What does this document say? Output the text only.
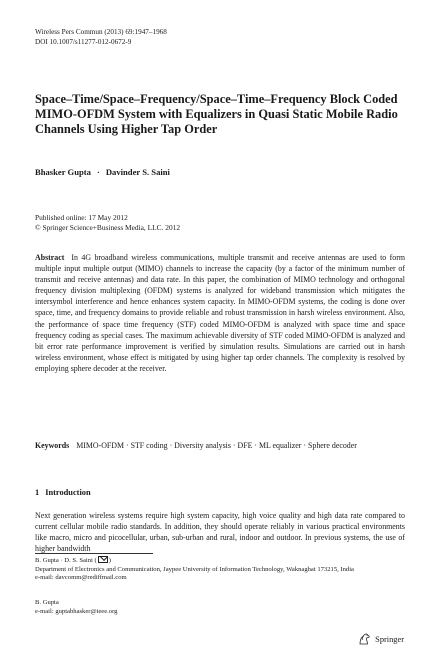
Wireless Pers Commun (2013) 69:1947–1968
DOI 10.1007/s11277-012-0672-9
Space–Time/Space–Frequency/Space–Time–Frequency Block Coded MIMO-OFDM System with Equalizers in Quasi Static Mobile Radio Channels Using Higher Tap Order
Bhasker Gupta · Davinder S. Saini
Published online: 17 May 2012
© Springer Science+Business Media, LLC. 2012

Abstract In 4G broadband wireless communications, multiple transmit and receive antennas are used to form multiple input multiple output (MIMO) channels to increase the capacity (by a factor of the minimum number of transmit and receive antennas) and data rate. In this paper, the combination of MIMO technology and orthogonal frequency division multiplexing (OFDM) systems is analyzed for wideband transmission which mitigates the intersymbol interference and hence enhances system capacity. In MIMO-OFDM systems, the coding is done over space, time, and frequency domains to provide reliable and robust transmission in harsh wireless environment. Also, the performance of space time frequency (STF) coded MIMO-OFDM is analyzed with space time and space frequency coding as special cases. The maximum achievable diversity of STF coded MIMO-OFDM is analyzed and bit error rate performance improvement is verified by simulation results. Simulations are carried out in harsh wireless environment, whose effect is mitigated by using higher tap order channels. The complexity is resolved by employing sphere decoder at the receiver.

Keywords MIMO-OFDM · STF coding · Diversity analysis · DFE · ML equalizer · Sphere decoder

1 Introduction

Next generation wireless systems require high system capacity, high voice quality and high data rate compared to current cellular mobile radio standards. In addition, they should operate reliably in various practical environments like macro, micro and picocellular, urban, sub-urban and rural, indoor and outdoor. In previous systems, the use of higher bandwidth

B. Gupta · D. S. Saini ( )
Department of Electronics and Communication, Jaypee University of Information Technology, Waknaghat 173215, India
e-mail: davcomm@rediffmail.com
B. Gupta
e-mail: guptabhasker@ieee.org
Springer
